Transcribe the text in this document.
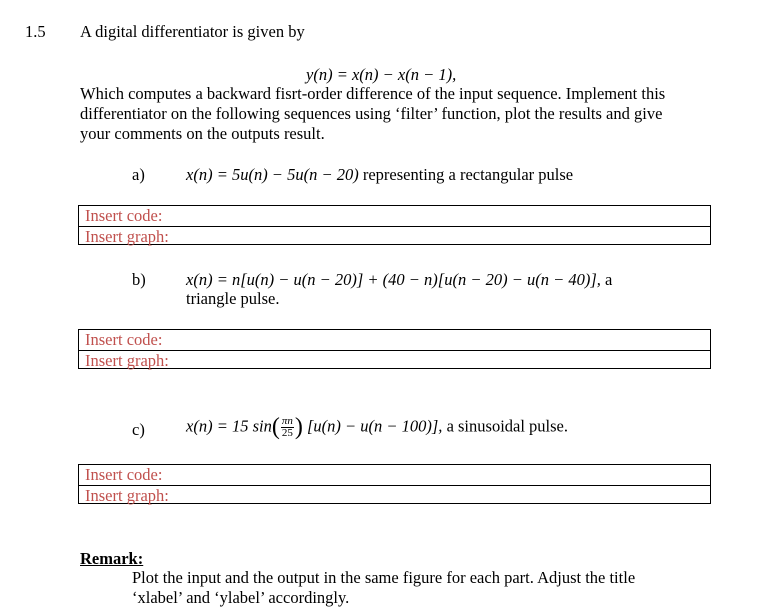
1.5 A digital differentiator is given by
y(n) = x(n) − x(n − 1),
Which computes a backward fisrt-order difference of the input sequence. Implement this
differentiator on the following sequences using ‘filter’ function, plot the results and give
your comments on the outputs result.
a) x(n) = 5u(n) − 5u(n − 20) representing a rectangular pulse
Insert code:
Insert graph:
b) x(n) = n[u(n) − u(n − 20)] + (40 − n)[u(n − 20) − u(n − 40)], a
triangle pulse.
Insert code:
Insert graph:
c) x(n) = 15 $\sin( \frac{\pi n}{25}$ ) [u(n) − u(n − 100)], a sinusoidal pulse.
Insert code:
Insert graph:
Remark:
Plot the input and the output in the same figure for each part. Adjust the title
‘xlabel’ and ‘ylabel’ accordingly.
